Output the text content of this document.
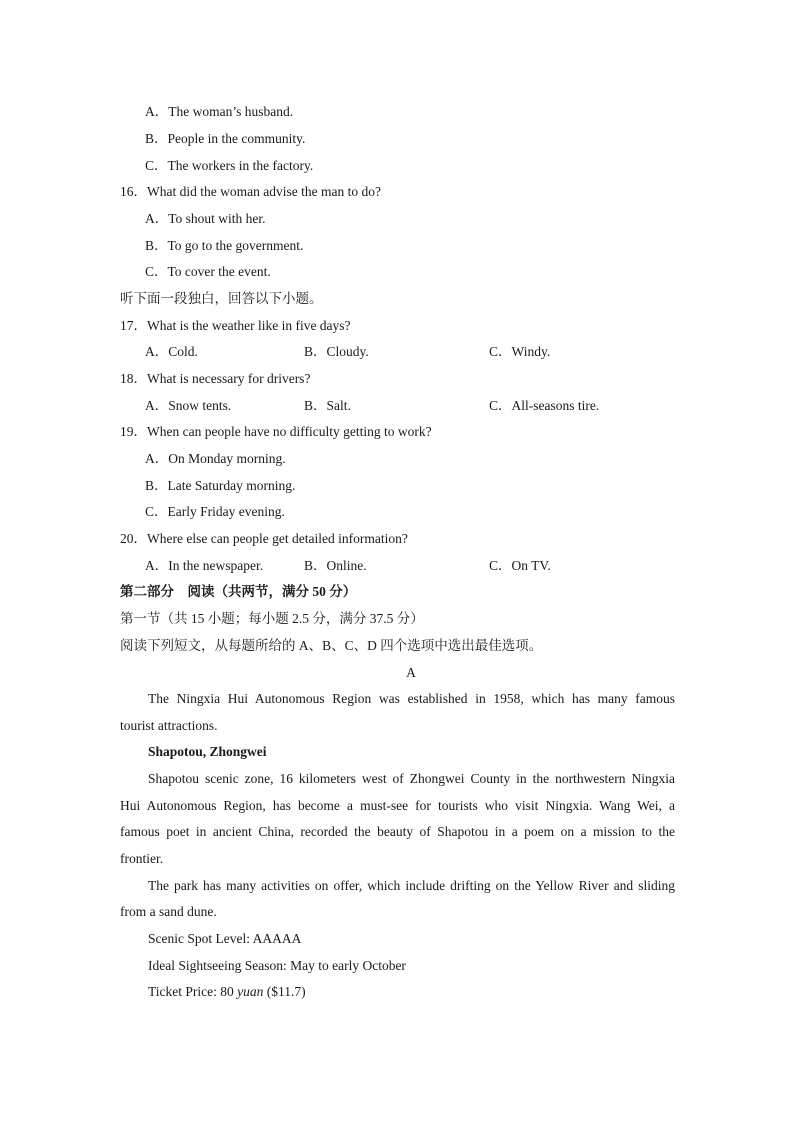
A．The woman’s husband.
B．People in the community.
C．The workers in the factory.
16．What did the woman advise the man to do?
A．To shout with her.
B．To go to the government.
C．To cover the event.
听下面一段独白，回答以下小题。
17．What is the weather like in five days?
A．Cold.	B．Cloudy.	C．Windy.
18．What is necessary for drivers?
A．Snow tents.	B．Salt.	C．All-seasons tire.
19．When can people have no difficulty getting to work?
A．On Monday morning.
B．Late Saturday morning.
C．Early Friday evening.
20．Where else can people get detailed information?
A．In the newspaper.	B．Online.	C．On TV.
第二部分　阅读（共两节，满分 50 分）
第一节（共 15 小题；每小题 2.5 分，满分 37.5 分）
阅读下列短文，从每题所给的 A、B、C、D 四个选项中选出最佳选项。
A
The Ningxia Hui Autonomous Region was established in 1958, which has many famous
tourist attractions.
Shapotou, Zhongwei
Shapotou scenic zone, 16 kilometers west of Zhongwei County in the northwestern Ningxia
Hui Autonomous Region, has become a must-see for tourists who visit Ningxia. Wang Wei, a
famous poet in ancient China, recorded the beauty of Shapotou in a poem on a mission to the
frontier.
The park has many activities on offer, which include drifting on the Yellow River and sliding
from a sand dune.
Scenic Spot Level: AAAAA
Ideal Sightseeing Season: May to early October
Ticket Price: 80 yuan ($11.7)
